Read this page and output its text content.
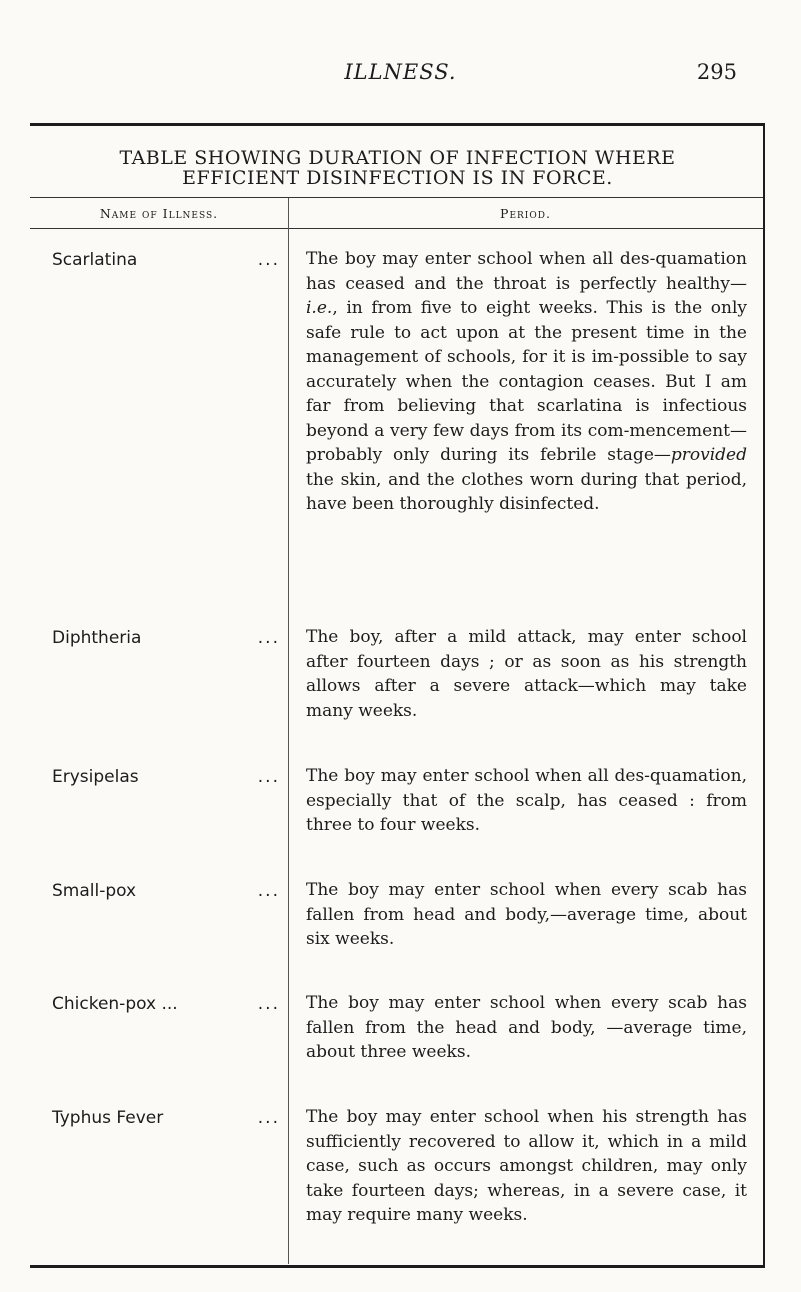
ILLNESS.	295
TABLE SHOWING DURATION OF INFECTION WHERE
EFFICIENT DISINFECTION IS IN FORCE.
Name of Illness.	Period.
Scarlatina	... The boy may enter school when all des-quamation has ceased and the throat is perfectly healthy—i.e., in from five to eight weeks. This is the only safe rule to act upon at the present time in the management of schools, for it is im-possible to say accurately when the contagion ceases. But I am far from believing that scarlatina is infectious beyond a very few days from its com-mencement—probably only during its febrile stage—provided the skin, and the clothes worn during that period, have been thoroughly disinfected.
Diphtheria	... The boy, after a mild attack, may enter school after fourteen days ; or as soon as his strength allows after a severe attack—which may take many weeks.
Erysipelas	... The boy may enter school when all des-quamation, especially that of the scalp, has ceased : from three to four weeks.
Small-pox	... The boy may enter school when every scab has fallen from head and body,—average time, about six weeks.
Chicken-pox ...	... The boy may enter school when every scab has fallen from the head and body, —average time, about three weeks.
Typhus Fever	... The boy may enter school when his strength has sufficiently recovered to allow it, which in a mild case, such as occurs amongst children, may only take fourteen days; whereas, in a severe case, it may require many weeks.
